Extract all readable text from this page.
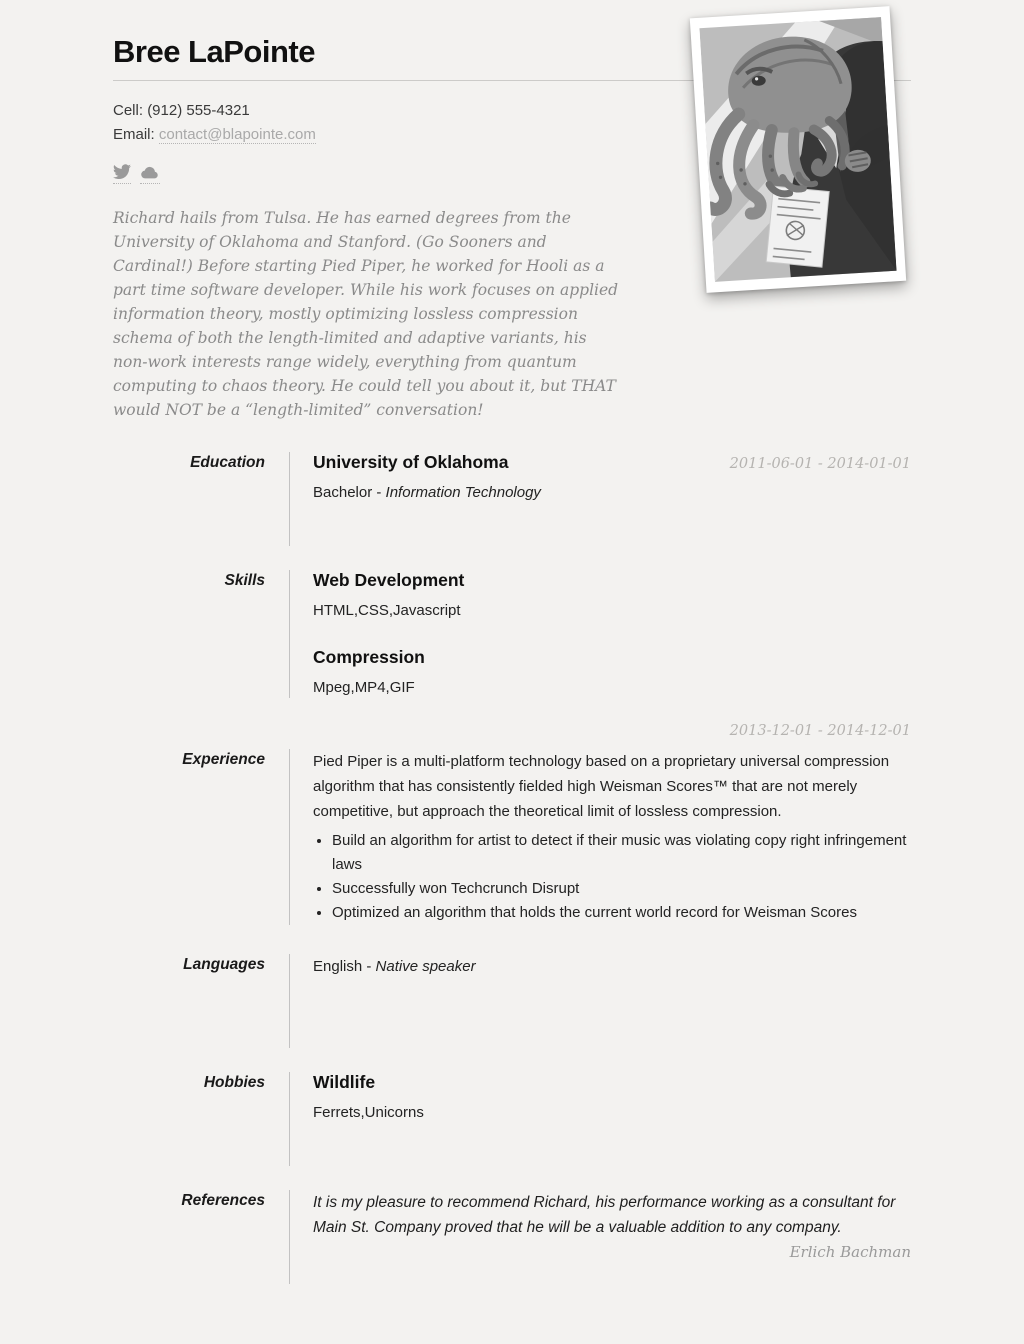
Bree LaPointe
Cell: (912) 555-4321
Email: contact@blapointe.com

Richard hails from Tulsa. He has earned degrees from the University of Oklahoma and Stanford. (Go Sooners and Cardinal!) Before starting Pied Piper, he worked for Hooli as a part time software developer. While his work focuses on applied information theory, mostly optimizing lossless compression schema of both the length-limited and adaptive variants, his non-work interests range widely, everything from quantum computing to chaos theory. He could tell you about it, but THAT would NOT be a “length-limited” conversation!

Education	University of Oklahoma	2011-06-01 - 2014-01-01

Bachelor - Information Technology

Skills	Web Development

HTML,CSS,Javascript

Compression

Mpeg,MP4,GIF

2013-12-01 - 2014-12-01
Experience	Pied Piper is a multi-platform technology based on a proprietary universal compression algorithm that has consistently fielded high Weisman Scores™ that are not merely competitive, but approach the theoretical limit of lossless compression.

• Build an algorithm for artist to detect if their music was violating copy right infringement laws
• Successfully won Techcrunch Disrupt
• Optimized an algorithm that holds the current world record for Weisman Scores
Languages	English - Native speaker

Hobbies	Wildlife

Ferrets,Unicorns

References	It is my pleasure to recommend Richard, his performance working as a consultant for Main St. Company proved that he will be a valuable addition to any company.

Erlich Bachman
